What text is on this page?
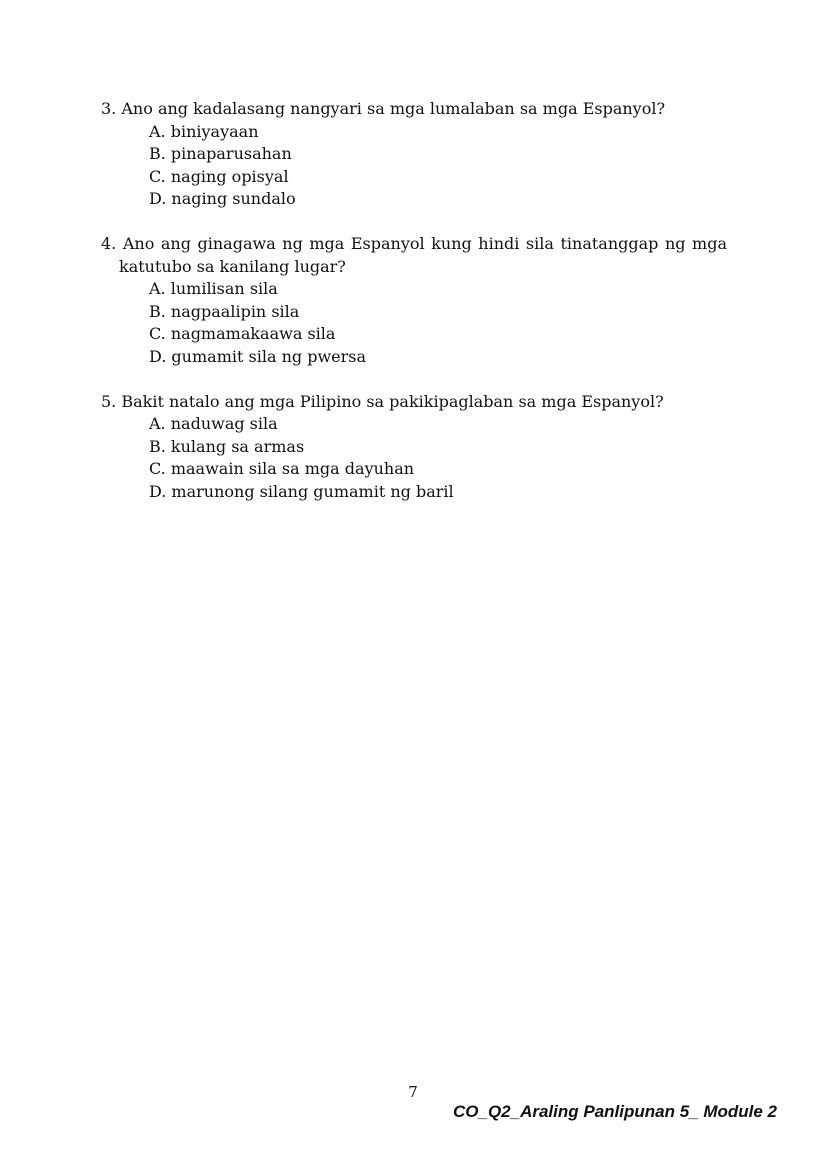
3. Ano ang kadalasang nangyari sa mga lumalaban sa mga Espanyol?
A. biniyayaan
B. pinaparusahan
C. naging opisyal
D. naging sundalo
4. Ano ang ginagawa ng mga Espanyol kung hindi sila tinatanggap ng mga katutubo sa kanilang lugar?
A. lumilisan sila
B. nagpaalipin sila
C. nagmamakaawa sila
D. gumamit sila ng pwersa
5. Bakit natalo ang mga Pilipino sa pakikipaglaban sa mga Espanyol?
A. naduwag sila
B. kulang sa armas
C. maawain sila sa mga dayuhan
D. marunong silang gumamit ng baril
7
CO_Q2_Araling Panlipunan 5_ Module 2
